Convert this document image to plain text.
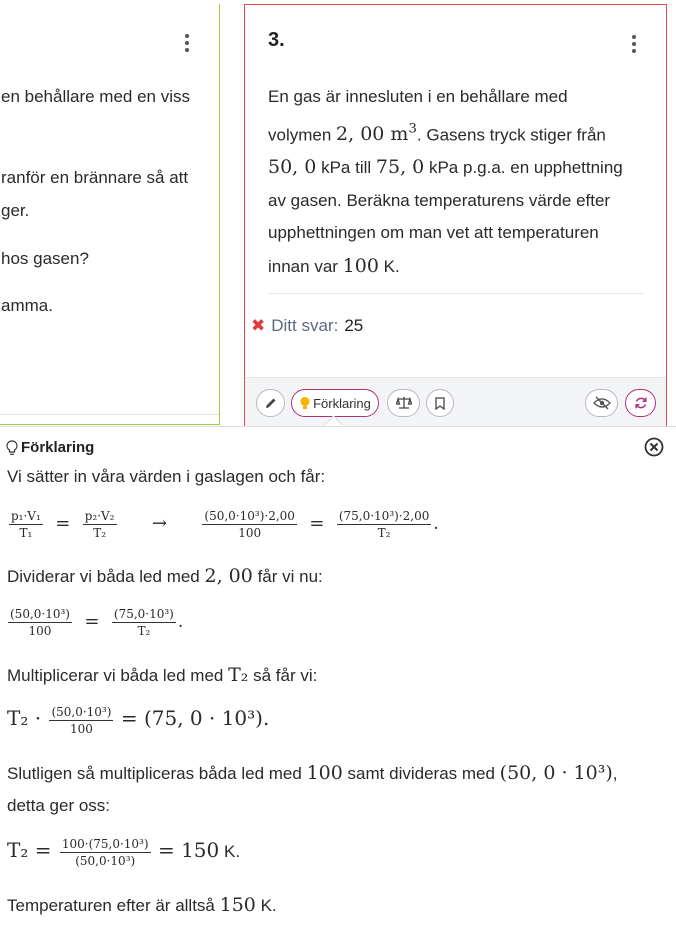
en behållare med en viss

ranför en brännare så att

ger.

hos gasen?

amma.

3.
En gas är innesluten i en behållare med
volymen 2, 00 $m^3$. Gasens tryck stiger från
50, 0 kPa till 75, 0 kPa p.g.a. en upphettning
av gasen. Beräkna temperaturens värde efter
upphettningen om man vet att temperaturen
innan var 100 K.
✖ Ditt svar: 25
Förklaring
Förklaring
Vi sätter in våra värden i gaslagen och får:
$\frac{\text{p₁·V₁}}{\text{T₁}} = \frac{\text{p₂·V₂}}{\text{T₂}}$ →	$\frac{\text{(50,0·10³)·2,00}}{100} = \frac{\text{(75,0·10³)·2,00}}{\text{T₂}}$ .
Dividerar vi båda led med 2, 00 får vi nu:
$\frac{\text{(50,0·10³)}}{100} = \frac{\text{(75,0·10³)}}{\text{T₂}}$ .
Multiplicerar vi båda led med T₂ så får vi:
$T_2 \cdot \frac{\text{(50,0·10³)}}{100} = (75$, 0 · 10³).
Slutligen så multipliceras båda led med 100 samt divideras med (50, 0 · 10³),
detta ger oss:
$T_2 = \frac{\text{100·(75,0·10³)}}{\text{(50,0·10³)}} = 150$ K.
Temperaturen efter är alltså 150 K.
